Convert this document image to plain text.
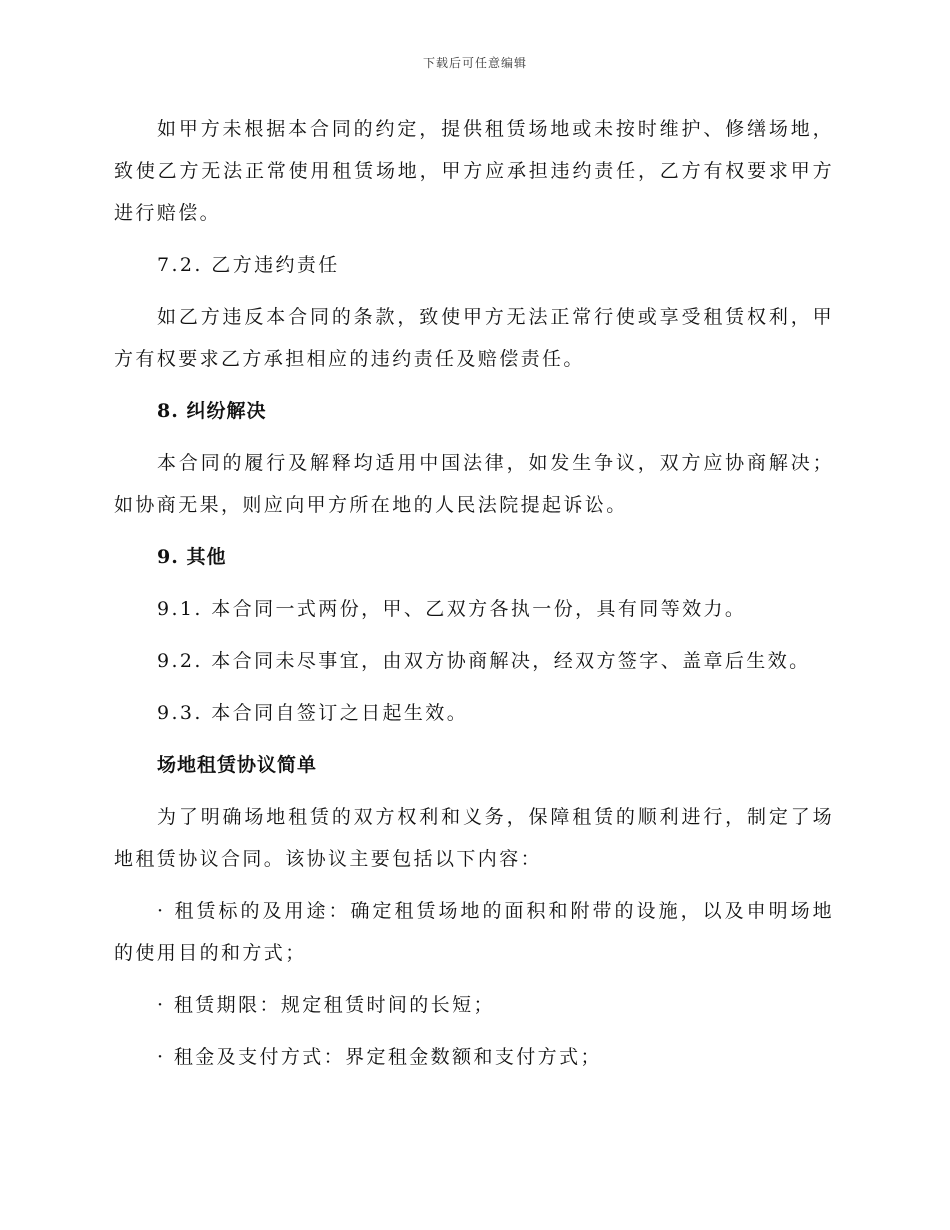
下载后可任意编辑

如甲方未根据本合同的约定，提供租赁场地或未按时维护、修缮场地，致使乙方无法正常使用租赁场地，甲方应承担违约责任，乙方有权要求甲方进行赔偿。

7.2. 乙方违约责任

如乙方违反本合同的条款，致使甲方无法正常行使或享受租赁权利，甲方有权要求乙方承担相应的违约责任及赔偿责任。

8. 纠纷解决

本合同的履行及解释均适用中国法律，如发生争议，双方应协商解决；如协商无果，则应向甲方所在地的人民法院提起诉讼。

9. 其他

9.1. 本合同一式两份，甲、乙双方各执一份，具有同等效力。

9.2. 本合同未尽事宜，由双方协商解决，经双方签字、盖章后生效。

9.3. 本合同自签订之日起生效。

场地租赁协议简单

为了明确场地租赁的双方权利和义务，保障租赁的顺利进行，制定了场地租赁协议合同。该协议主要包括以下内容：

· 租赁标的及用途：确定租赁场地的面积和附带的设施，以及申明场地的使用目的和方式；

· 租赁期限：规定租赁时间的长短；

· 租金及支付方式：界定租金数额和支付方式；
